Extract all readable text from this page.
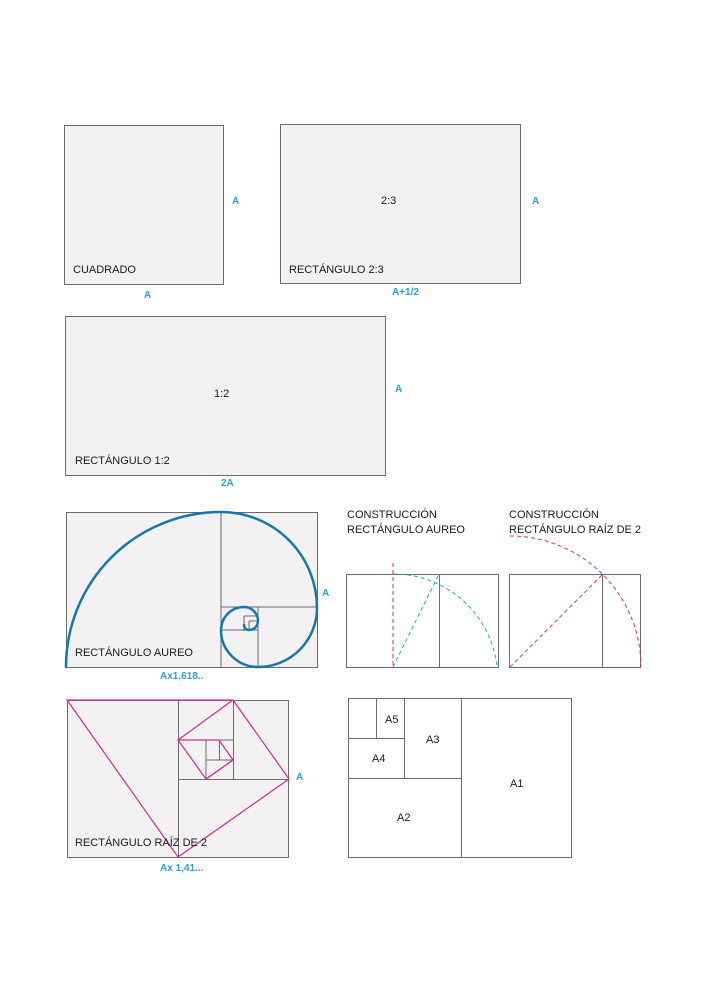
CUADRADO
A
A
2:3
RECTÁNGULO 2:3
A
A+1/2
1:2
RECTÁNGULO 1:2
A
2A
RECTÁNGULO AUREO
A
Ax1,618..
CONSTRUCCIÓN
RECTÁNGULO AUREO
CONSTRUCCIÓN
RECTÁNGULO RAÍZ DE 2
RECTÁNGULO RAÍZ DE 2
A
Ax 1,41...
A1
A2
A3
A4
A5
